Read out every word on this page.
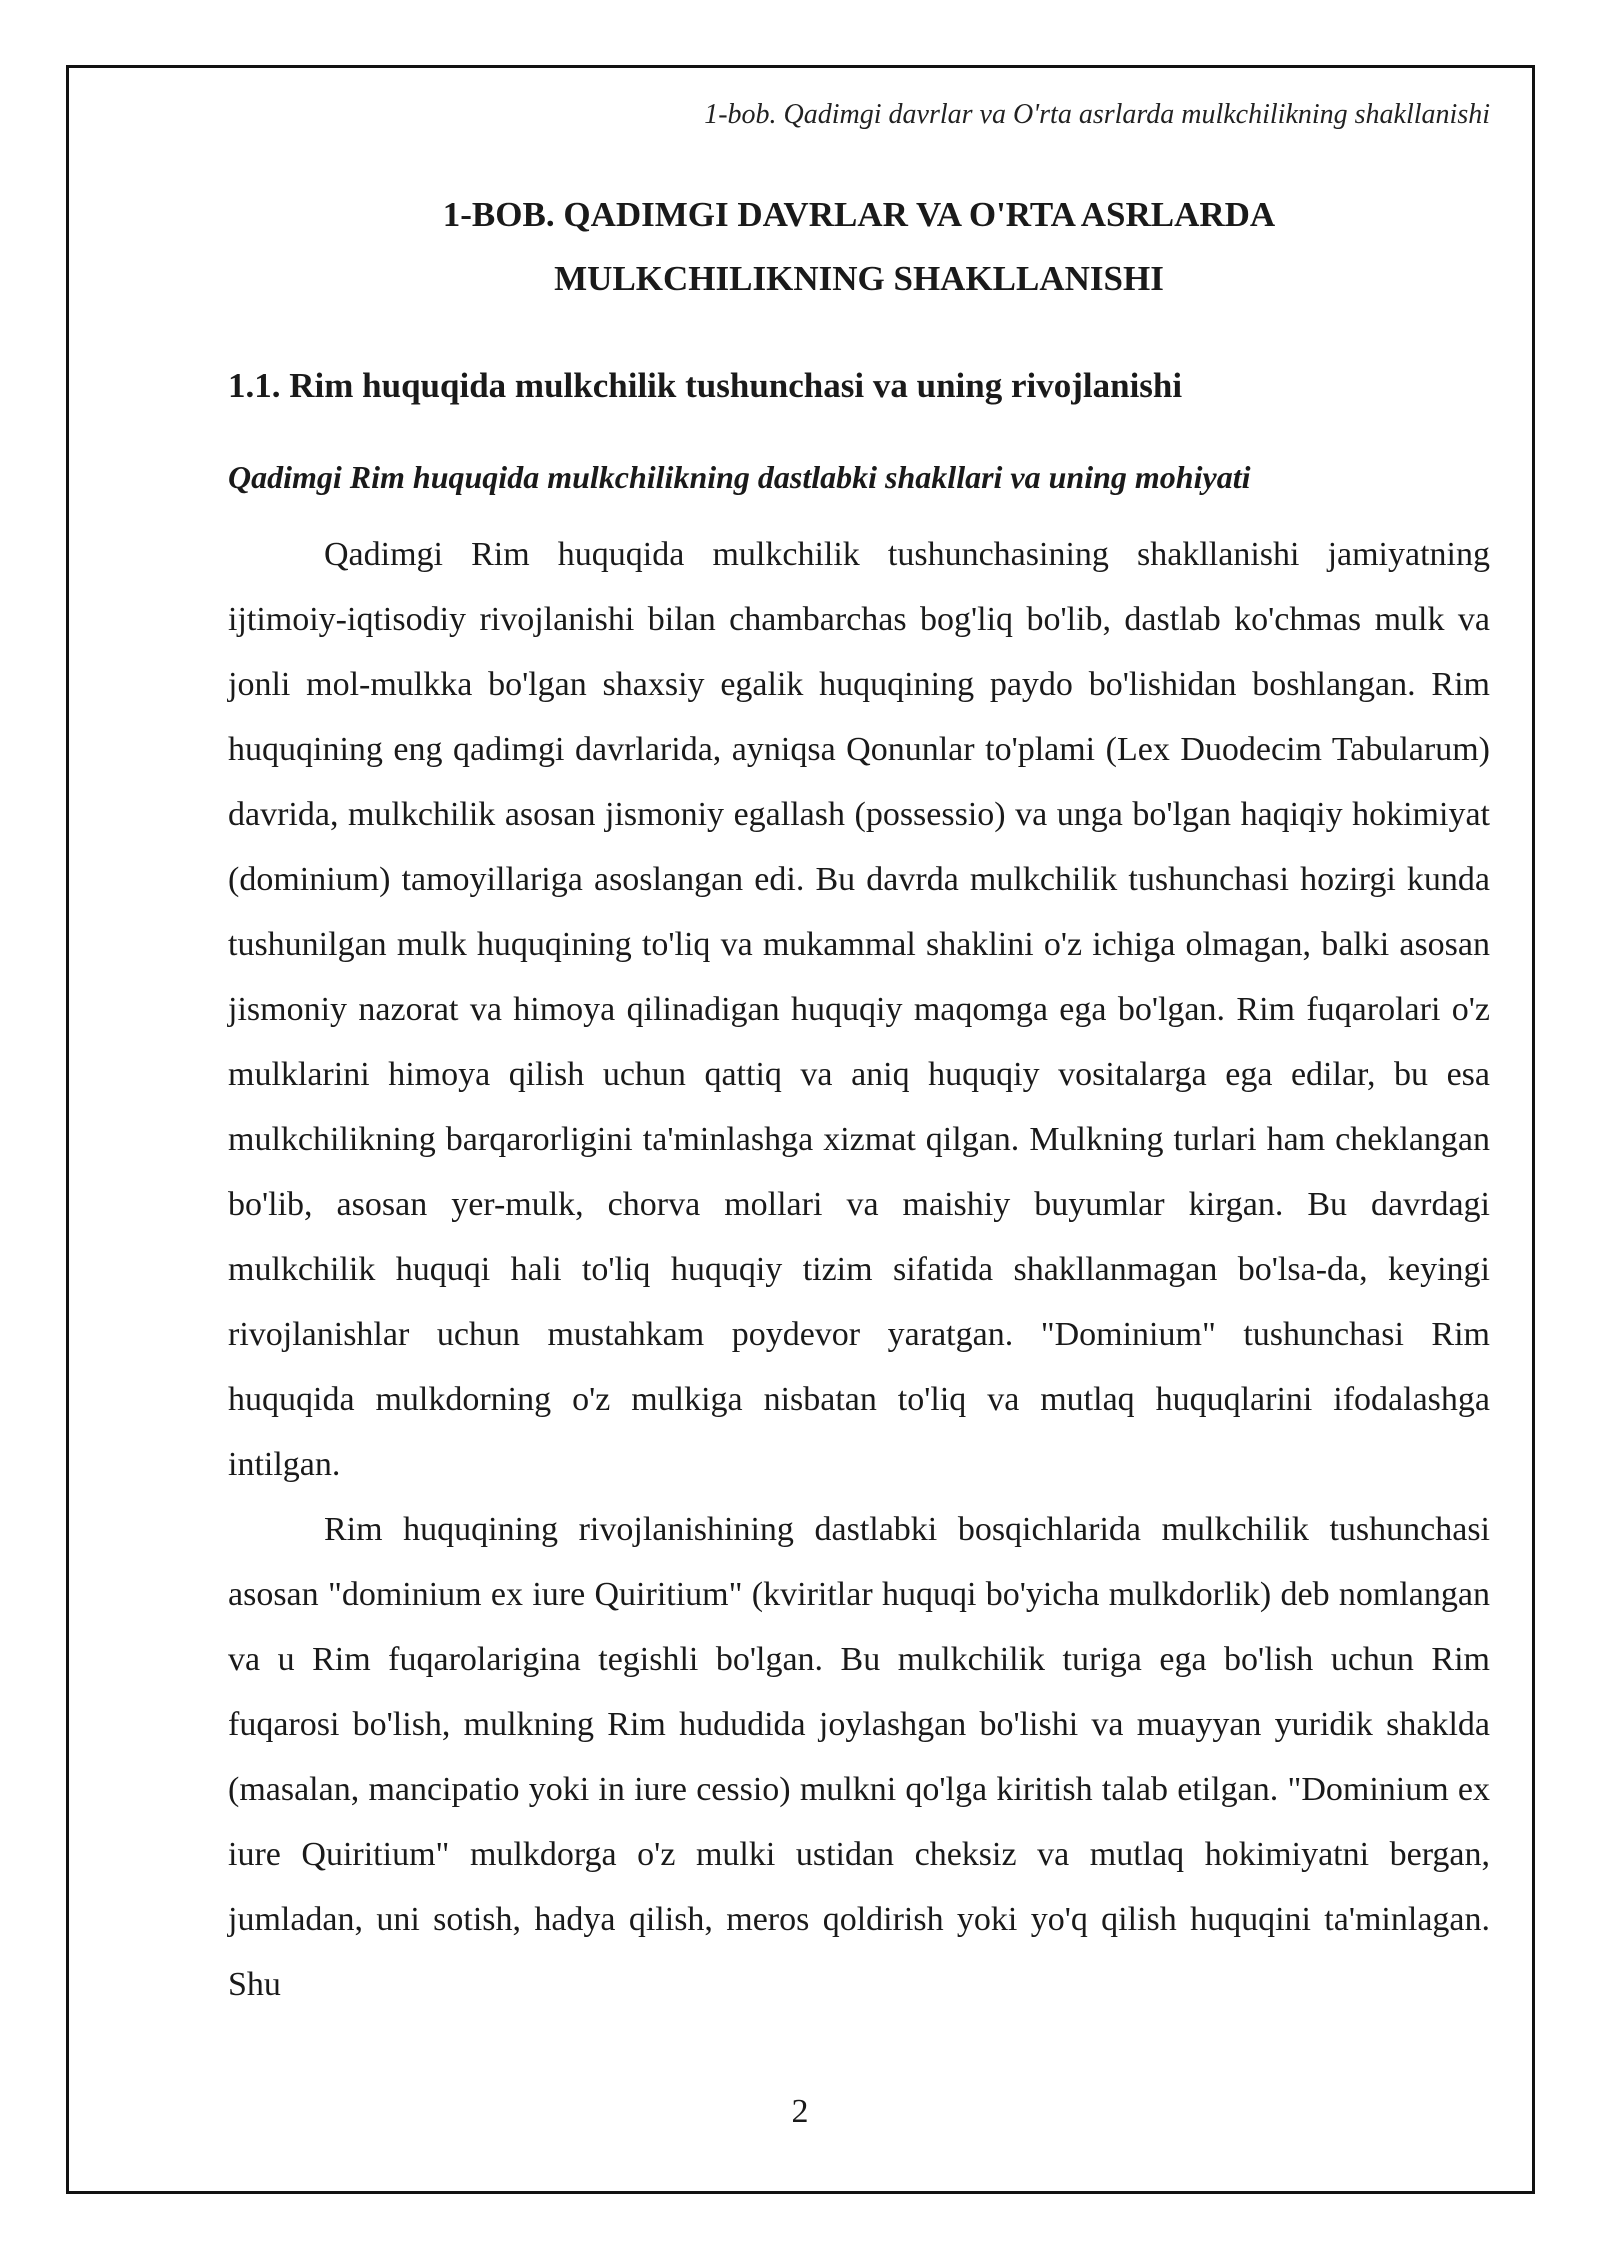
1-bob. Qadimgi davrlar va O'rta asrlarda mulkchilikning shakllanishi
1-BOB. QADIMGI DAVRLAR VA O'RTA ASRLARDA
MULKCHILIKNING SHAKLLANISHI
1.1. Rim huquqida mulkchilik tushunchasi va uning rivojlanishi
Qadimgi Rim huquqida mulkchilikning dastlabki shakllari va uning mohiyati

Qadimgi Rim huquqida mulkchilik tushunchasining shakllanishi jamiyatning ijtimoiy-iqtisodiy rivojlanishi bilan chambarchas bog'liq bo'lib, dastlab ko'chmas mulk va jonli mol-mulkka bo'lgan shaxsiy egalik huquqining paydo bo'lishidan boshlangan. Rim huquqining eng qadimgi davrlarida, ayniqsa Qonunlar to'plami (Lex Duodecim Tabularum) davrida, mulkchilik asosan jismoniy egallash (possessio) va unga bo'lgan haqiqiy hokimiyat (dominium) tamoyillariga asoslangan edi. Bu davrda mulkchilik tushunchasi hozirgi kunda tushunilgan mulk huquqining to'liq va mukammal shaklini o'z ichiga olmagan, balki asosan jismoniy nazorat va himoya qilinadigan huquqiy maqomga ega bo'lgan. Rim fuqarolari o'z mulklarini himoya qilish uchun qattiq va aniq huquqiy vositalarga ega edilar, bu esa mulkchilikning barqarorligini ta'minlashga xizmat qilgan. Mulkning turlari ham cheklangan bo'lib, asosan yer-mulk, chorva mollari va maishiy buyumlar kirgan. Bu davrdagi mulkchilik huquqi hali to'liq huquqiy tizim sifatida shakllanmagan bo'lsa-da, keyingi rivojlanishlar uchun mustahkam poydevor yaratgan. "Dominium" tushunchasi Rim huquqida mulkdorning o'z mulkiga nisbatan to'liq va mutlaq huquqlarini ifodalashga intilgan.

Rim huquqining rivojlanishining dastlabki bosqichlarida mulkchilik tushunchasi asosan "dominium ex iure Quiritium" (kviritlar huquqi bo'yicha mulkdorlik) deb nomlangan va u Rim fuqarolarigina tegishli bo'lgan. Bu mulkchilik turiga ega bo'lish uchun Rim fuqarosi bo'lish, mulkning Rim hududida joylashgan bo'lishi va muayyan yuridik shaklda (masalan, mancipatio yoki in iure cessio) mulkni qo'lga kiritish talab etilgan. "Dominium ex iure Quiritium" mulkdorga o'z mulki ustidan cheksiz va mutlaq hokimiyatni bergan, jumladan, uni sotish, hadya qilish, meros qoldirish yoki yo'q qilish huquqini ta'minlagan. Shu

2
